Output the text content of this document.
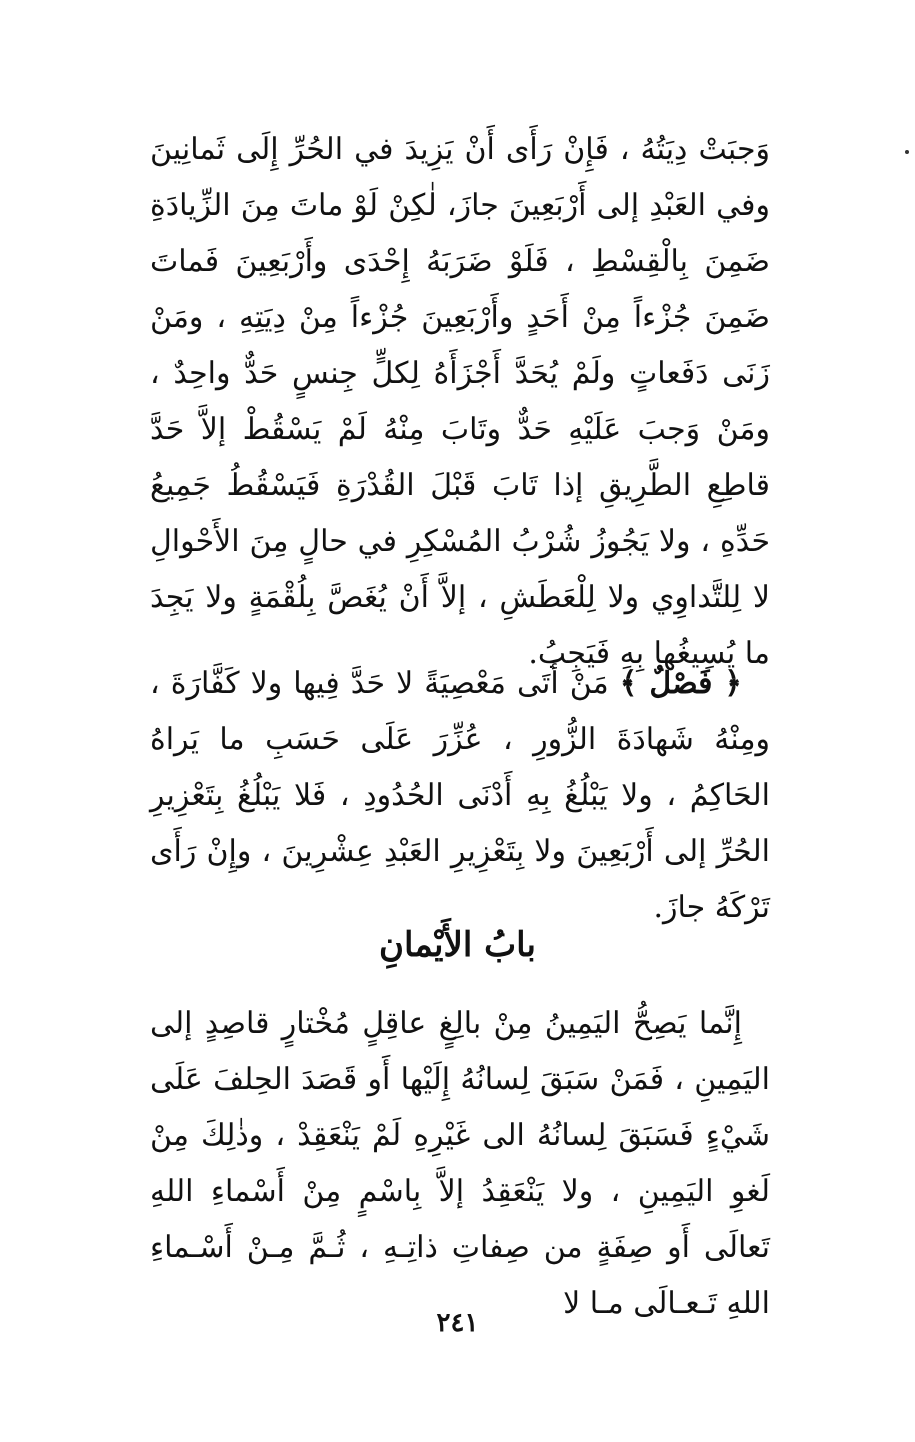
وَجبَتْ دِيَتُهُ ، فَإِنْ رَأَى أَنْ يَزِيدَ في الحُرِّ إِلَى ثَمانِينَ وفي العَبْدِ إلى أَرْبَعِينَ جازَ، لٰكِنْ لَوْ ماتَ مِنَ الزِّيادَةِ ضَمِنَ بِالْقِسْطِ ، فَلَوْ ضَرَبَهُ إِحْدَى وأَرْبَعِينَ فَماتَ ضَمِنَ جُزْءاً مِنْ أَحَدٍ وأَرْبَعِينَ جُزْءاً مِنْ دِيَتِهِ ، ومَنْ زَنَى دَفَعاتٍ ولَمْ يُحَدَّ أَجْزَأَهُ لِكلٍّ جِنسٍ حَدٌّ واحِدٌ ، ومَنْ وَجبَ عَلَيْهِ حَدٌّ وتَابَ مِنْهُ لَمْ يَسْقُطْ إلاَّ حَدَّ قاطِعِ الطَّرِيقِ إذا تَابَ قَبْلَ القُدْرَةِ فَيَسْقُطُ جَمِيعُ حَدِّهِ ، ولا يَجُوزُ شُرْبُ المُسْكِرِ في حالٍ مِنَ الأَحْوالِ لا لِلتَّداوِي ولا لِلْعَطَشِ ، إلاَّ أَنْ يُغَصَّ بِلُقْمَةٍ ولا يَجِدَ ما يُسِيغُها بِهِ فَيَجِبُ.

﴿ فَصْلٌ ﴾ مَنْ أَتَى مَعْصِيَةً لا حَدَّ فِيها ولا كَفَّارَةَ ، ومِنْهُ شَهادَةَ الزُّورِ ، عُزِّرَ عَلَى حَسَبِ ما يَراهُ الحَاكِمُ ، ولا يَبْلُغُ بِهِ أَدْنَى الحُدُودِ ، فَلا يَبْلُغُ بِتَعْزِيرِ الحُرِّ إلى أَرْبَعِينَ ولا بِتَعْزِيرِ العَبْدِ عِشْرِينَ ، وإِنْ رَأَى تَرْكَهُ جازَ.

بابُ الأَيْمانِ

إِنَّما يَصِحُّ اليَمِينُ مِنْ بالِغٍ عاقِلٍ مُخْتارٍ قاصِدٍ إلى اليَمِينِ ، فَمَنْ سَبَقَ لِسانُهُ إِلَيْها أَو قَصَدَ الحِلفَ عَلَى شَيْءٍ فَسَبَقَ لِسانُهُ الى غَيْرِهِ لَمْ يَنْعَقِدْ ، وذٰلِكَ مِنْ لَغوِ اليَمِينِ ، ولا يَنْعَقِدُ إلاَّ بِاسْمٍ مِنْ أَسْماءِ اللهِ تَعالَى أَو صِفَةٍ من صِفاتِ ذاتِـهِ ، ثُـمَّ مِـنْ أَسْـماءِ اللهِ تَـعـالَى مـا لا

٢٤١
